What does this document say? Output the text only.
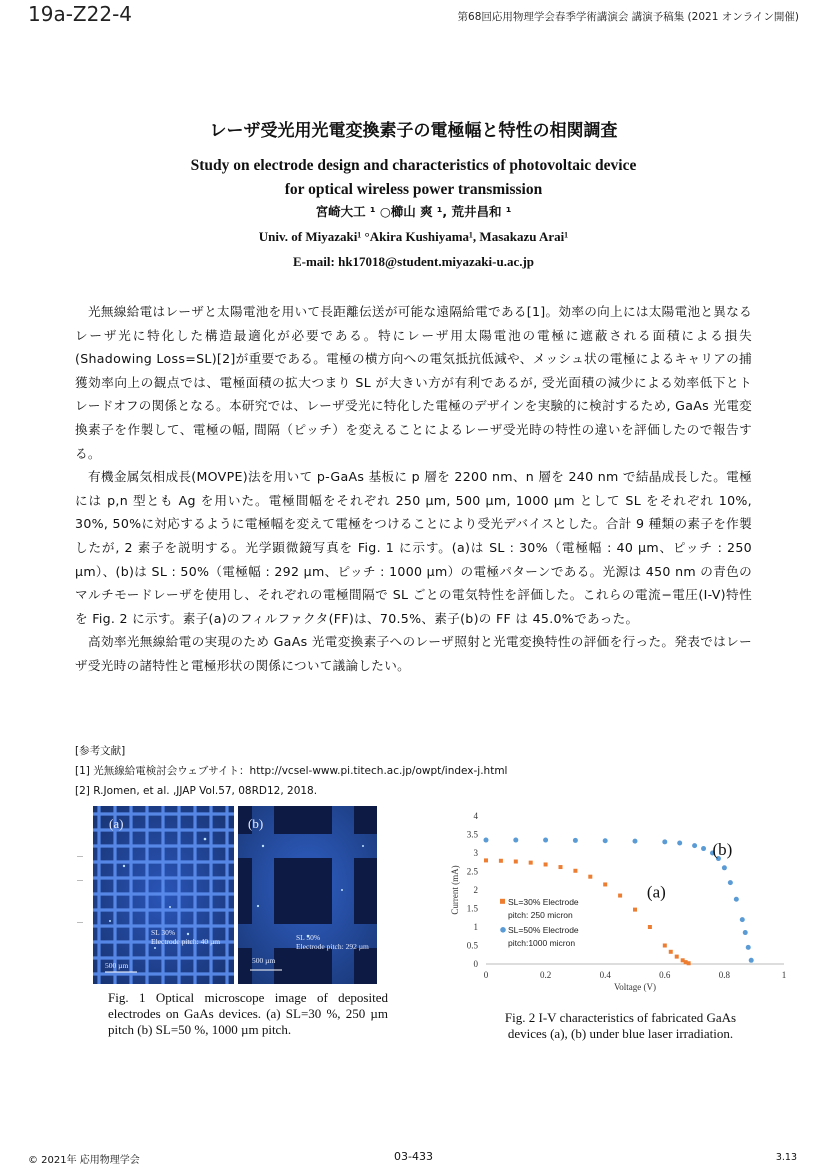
19a-Z22-4	第68回応用物理学会春季学術講演会 講演予稿集 (2021 オンライン開催)
レーザ受光用光電変換素子の電極幅と特性の相関調査
Study on electrode design and characteristics of photovoltaic device
for optical wireless power transmission
宮崎大工 ¹ ○櫛山 爽 ¹, 荒井昌和 ¹
Univ. of Miyazaki¹ °Akira Kushiyama¹, Masakazu Arai¹
E-mail: hk17018@student.miyazaki-u.ac.jp

光無線給電はレーザと太陽電池を用いて長距離伝送が可能な遠隔給電である[1]。効率の向上には太陽電池と異なるレーザ光に特化した構造最適化が必要である。特にレーザ用太陽電池の電極に遮蔽される面積による損失(Shadowing Loss=SL)[2]が重要である。電極の横方向への電気抵抗低減や、メッシュ状の電極によるキャリアの捕獲効率向上の観点では、電極面積の拡大つまり SL が大きい方が有利であるが, 受光面積の減少による効率低下とトレードオフの関係となる。本研究では、レーザ受光に特化した電極のデザインを実験的に検討するため, GaAs 光電変換素子を作製して、電極の幅, 間隔（ピッチ）を変えることによるレーザ受光時の特性の違いを評価したので報告する。

有機金属気相成長(MOVPE)法を用いて p-GaAs 基板に p 層を 2200 nm、n 層を 240 nm で結晶成長した。電極には p,n 型とも Ag を用いた。電極間幅をそれぞれ 250 µm, 500 µm, 1000 µm として SL をそれぞれ 10%, 30%, 50%に対応するように電極幅を変えて電極をつけることにより受光デバイスとした。合計 9 種類の素子を作製したが, 2 素子を説明する。光学顕微鏡写真を Fig. 1 に示す。(a)は SL : 30%（電極幅 : 40 µm、ピッチ : 250 µm）、(b)は SL : 50%（電極幅 : 292 µm、ピッチ : 1000 µm）の電極パターンである。光源は 450 nm の青色のマルチモードレーザを使用し、それぞれの電極間隔で SL ごとの電気特性を評価した。これらの電流−電圧(I-V)特性を Fig. 2 に示す。素子(a)のフィルファクタ(FF)は、70.5%、素子(b)の FF は 45.0%であった。

高効率光無線給電の実現のため GaAs 光電変換素子へのレーザ照射と光電変換特性の評価を行った。発表ではレーザ受光時の諸特性と電極形状の関係について議論したい。

[参考文献]
[1] 光無線給電検討会ウェブサイト：http://vcsel-www.pi.titech.ac.jp/owpt/index-j.html
[2] R.Jomen, et al. ,JJAP Vol.57, 08RD12, 2018.
(a)
SL 30%
Electrode pitch: 40 µm
500 µm
(b)
SL 50%
Electrode pitch: 292 µm
500 µm
Fig. 1 Optical microscope image of deposited electrodes on GaAs devices. (a) SL=30 %, 250 µm pitch (b) SL=50 %, 1000 µm pitch.
0
0.5
1
1.5
2
2.5
3
3.5
4
0	0.2	0.4	0.6	0.8	1
Voltage (V)
Current (mA)	SL=30% Electrode
pitch: 250 micron
SL=50% Electrode
pitch:1000 micron
(a)
(b)
Fig. 2 I-V characteristics of fabricated GaAs devices (a), (b) under blue laser irradiation.
© 2021年 応用物理学会	03-433	3.13
